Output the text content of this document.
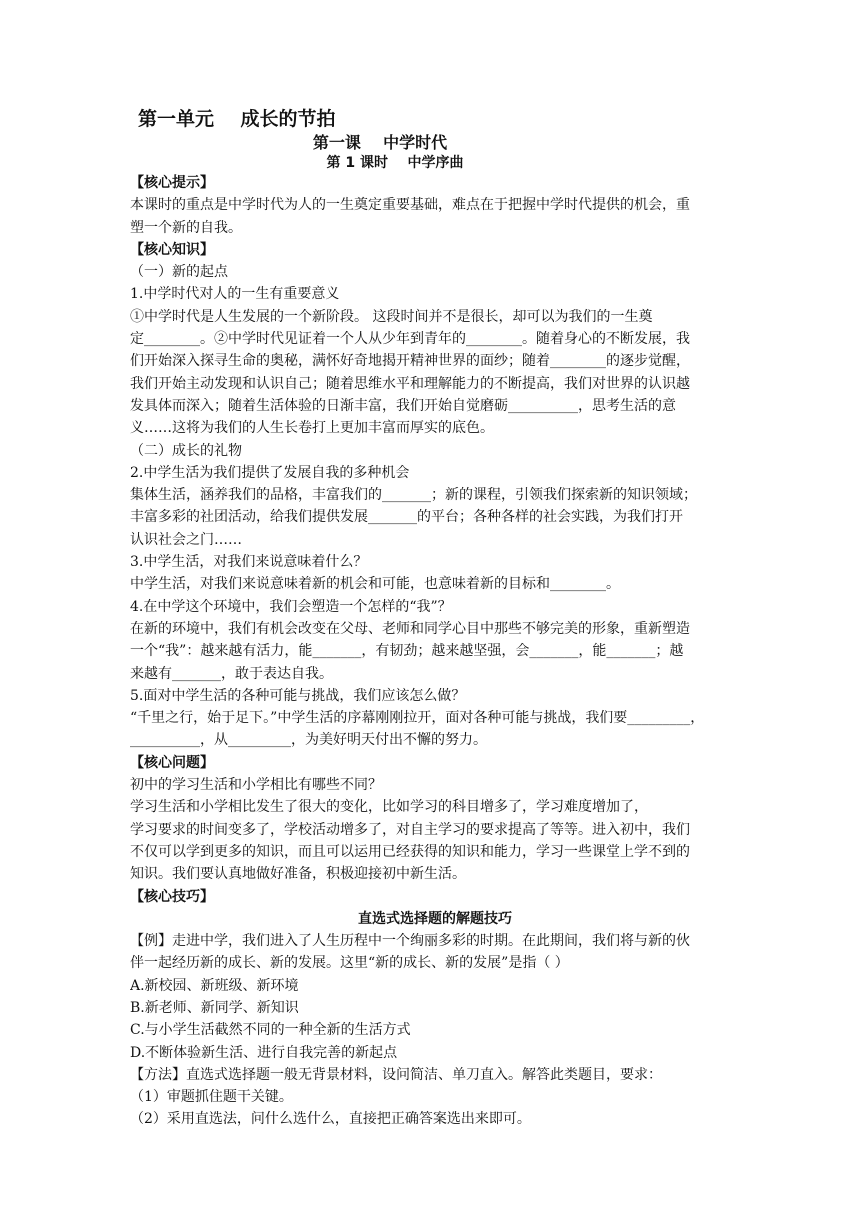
第一单元    成长的节拍
第一课    中学时代
第 1 课时    中学序曲

【核心提示】

本课时的重点是中学时代为人的一生奠定重要基础，难点在于把握中学时代提供的机会，重

塑一个新的自我。

【核心知识】

（一）新的起点

1.中学时代对人的一生有重要意义

①中学时代是人生发展的一个新阶段。 这段时间并不是很长，却可以为我们的一生奠

定________。②中学时代见证着一个人从少年到青年的________。随着身心的不断发展，我

们开始深入探寻生命的奥秘，满怀好奇地揭开精神世界的面纱；随着________的逐步觉醒，

我们开始主动发现和认识自己；随着思维水平和理解能力的不断提高，我们对世界的认识越

发具体而深入；随着生活体验的日渐丰富，我们开始自觉磨砺__________，思考生活的意

义……这将为我们的人生长卷打上更加丰富而厚实的底色。

（二）成长的礼物

2.中学生活为我们提供了发展自我的多种机会

集体生活，涵养我们的品格，丰富我们的_______；新的课程，引领我们探索新的知识领域；

丰富多彩的社团活动，给我们提供发展_______的平台；各种各样的社会实践，为我们打开

认识社会之门……

3.中学生活，对我们来说意味着什么？

中学生活，对我们来说意味着新的机会和可能，也意味着新的目标和________。

4.在中学这个环境中，我们会塑造一个怎样的“我”？

在新的环境中，我们有机会改变在父母、老师和同学心目中那些不够完美的形象，重新塑造

一个“我”：越来越有活力，能_______，有韧劲；越来越坚强，会_______，能_______；越

来越有_______，敢于表达自我。

5.面对中学生活的各种可能与挑战，我们应该怎么做？

“千里之行，始于足下。”中学生活的序幕刚刚拉开，面对各种可能与挑战，我们要_________，

__________，从_________，为美好明天付出不懈的努力。

【核心问题】

初中的学习生活和小学相比有哪些不同？

学习生活和小学相比发生了很大的变化，比如学习的科目增多了，学习难度增加了，

学习要求的时间变多了，学校活动增多了，对自主学习的要求提高了等等。进入初中，我们

不仅可以学到更多的知识，而且可以运用已经获得的知识和能力，学习一些课堂上学不到的

知识。我们要认真地做好准备，积极迎接初中新生活。

【核心技巧】

直选式选择题的解题技巧

【例】走进中学，我们进入了人生历程中一个绚丽多彩的时期。在此期间，我们将与新的伙

伴一起经历新的成长、新的发展。这里“新的成长、新的发展”是指（ ）

A.新校园、新班级、新环境

B.新老师、新同学、新知识

C.与小学生活截然不同的一种全新的生活方式

D.不断体验新生活、进行自我完善的新起点

【方法】直选式选择题一般无背景材料，设问简洁、单刀直入。解答此类题目，要求：

（1）审题抓住题干关键。

（2）采用直选法，问什么选什么，直接把正确答案选出来即可。
